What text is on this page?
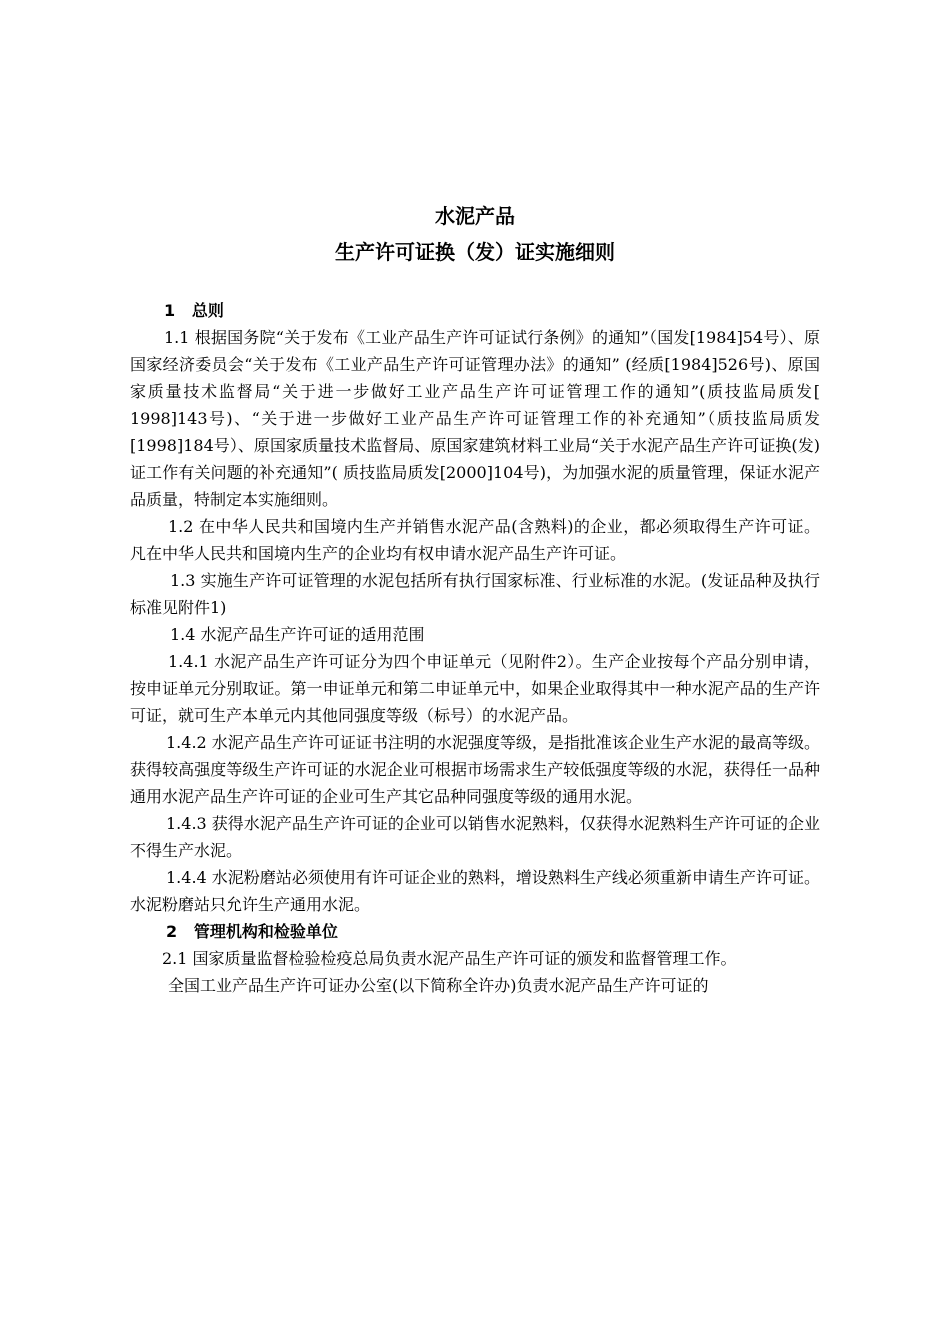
水泥产品
生产许可证换（发）证实施细则

1   总则

1.1 根据国务院“关于发布《工业产品生产许可证试行条例》的通知”（国发[1984]54号）、原国家经济委员会“关于发布《工业产品生产许可证管理办法》的通知” (经质[1984]526号)、原国家质量技术监督局“关于进一步做好工业产品生产许可证管理工作的通知”(质技监局质发[ 1998]143号)、“关于进一步做好工业产品生产许可证管理工作的补充通知”（质技监局质发[1998]184号）、原国家质量技术监督局、原国家建筑材料工业局“关于水泥产品生产许可证换(发)证工作有关问题的补充通知”( 质技监局质发[2000]104号)，为加强水泥的质量管理，保证水泥产品质量，特制定本实施细则。

1.2 在中华人民共和国境内生产并销售水泥产品(含熟料)的企业，都必须取得生产许可证。 凡在中华人民共和国境内生产的企业均有权申请水泥产品生产许可证。

1.3 实施生产许可证管理的水泥包括所有执行国家标准、行业标准的水泥。(发证品种及执行标准见附件1)

1.4 水泥产品生产许可证的适用范围

1.4.1 水泥产品生产许可证分为四个申证单元（见附件2）。生产企业按每个产品分别申请，按申证单元分别取证。第一申证单元和第二申证单元中，如果企业取得其中一种水泥产品的生产许可证，就可生产本单元内其他同强度等级（标号）的水泥产品。

1.4.2 水泥产品生产许可证证书注明的水泥强度等级，是指批准该企业生产水泥的最高等级。获得较高强度等级生产许可证的水泥企业可根据市场需求生产较低强度等级的水泥，获得任一品种通用水泥产品生产许可证的企业可生产其它品种同强度等级的通用水泥。

1.4.3 获得水泥产品生产许可证的企业可以销售水泥熟料，仅获得水泥熟料生产许可证的企业不得生产水泥。

1.4.4 水泥粉磨站必须使用有许可证企业的熟料，增设熟料生产线必须重新申请生产许可证。水泥粉磨站只允许生产通用水泥。

2   管理机构和检验单位

2.1 国家质量监督检验检疫总局负责水泥产品生产许可证的颁发和监督管理工作。

全国工业产品生产许可证办公室(以下简称全许办)负责水泥产品生产许可证的
